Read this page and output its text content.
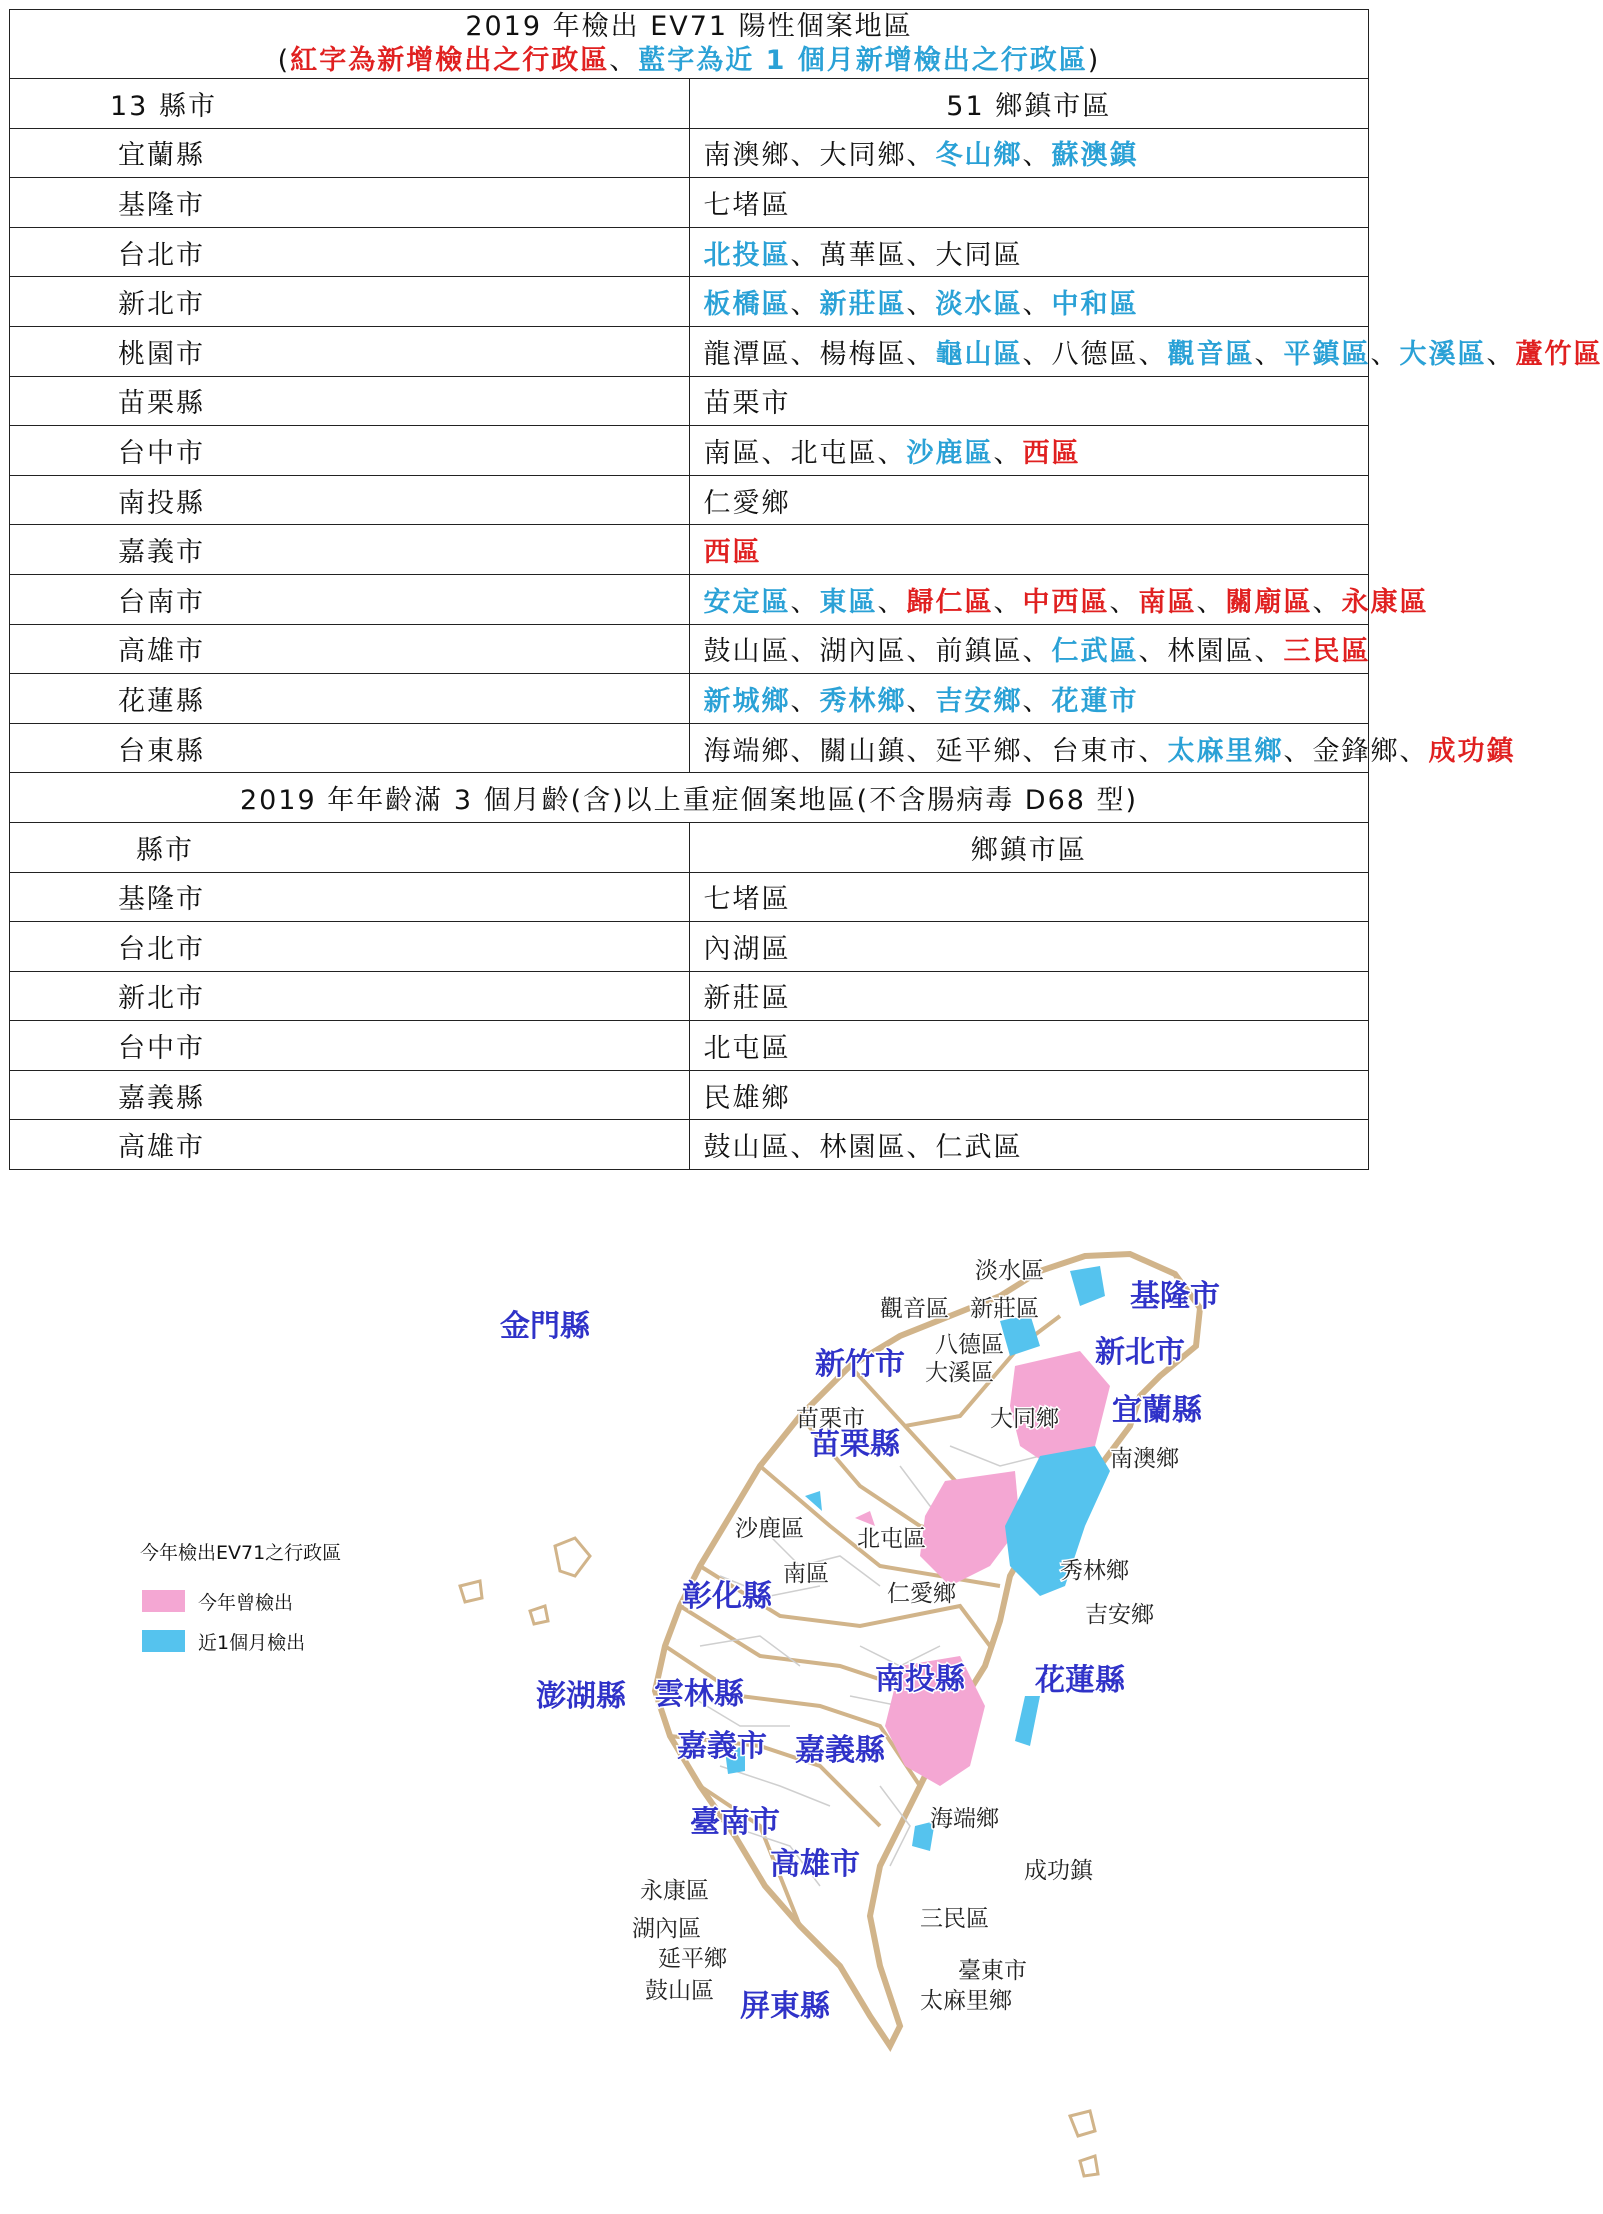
2019 年檢出 EV71 陽性個案地區
(紅字為新增檢出之行政區、藍字為近 1 個月新增檢出之行政區)	
13 縣市	51 鄉鎮市區
宜蘭縣	南澳鄉、大同鄉、冬山鄉、蘇澳鎮
基隆市	七堵區
台北市	北投區、萬華區、大同區
新北市	板橋區、新莊區、淡水區、中和區
桃園市	龍潭區、楊梅區、龜山區、八德區、觀音區、平鎮區、大溪區、蘆竹區
苗栗縣	苗栗市
台中市	南區、北屯區、沙鹿區、西區
南投縣	仁愛鄉
嘉義市	西區
台南市	安定區、東區、歸仁區、中西區、南區、關廟區、永康區
高雄市	鼓山區、湖內區、前鎮區、仁武區、林園區、三民區
花蓮縣	新城鄉、秀林鄉、吉安鄉、花蓮市
台東縣	海端鄉、關山鎮、延平鄉、台東市、太麻里鄉、金鋒鄉、成功鎮
2019 年年齡滿 3 個月齡(含)以上重症個案地區(不含腸病毒 D68 型)	
縣市	鄉鎮市區
基隆市	七堵區
台北市	內湖區
新北市	新莊區
台中市	北屯區
嘉義縣	民雄鄉
高雄市	鼓山區、林園區、仁武區
今年檢出EV71之行政區
今年曾檢出
近1個月檢出
金門縣
基隆市
新竹市	新北市
宜蘭縣
苗栗縣
彰化縣
南投縣 花蓮縣
澎湖縣 雲林縣
嘉義市 嘉義縣
臺南市
高雄市
屏東縣
淡水區
觀音區 新莊區
八德區
大溪區
苗栗市	大同鄉
南澳鄉
沙鹿區 北屯區
南區
仁愛鄉
秀林鄉
吉安鄉
海端鄉
成功鎮
永康區
湖內區
延平鄉
三民區
臺東市
鼓山區	太麻里鄉
